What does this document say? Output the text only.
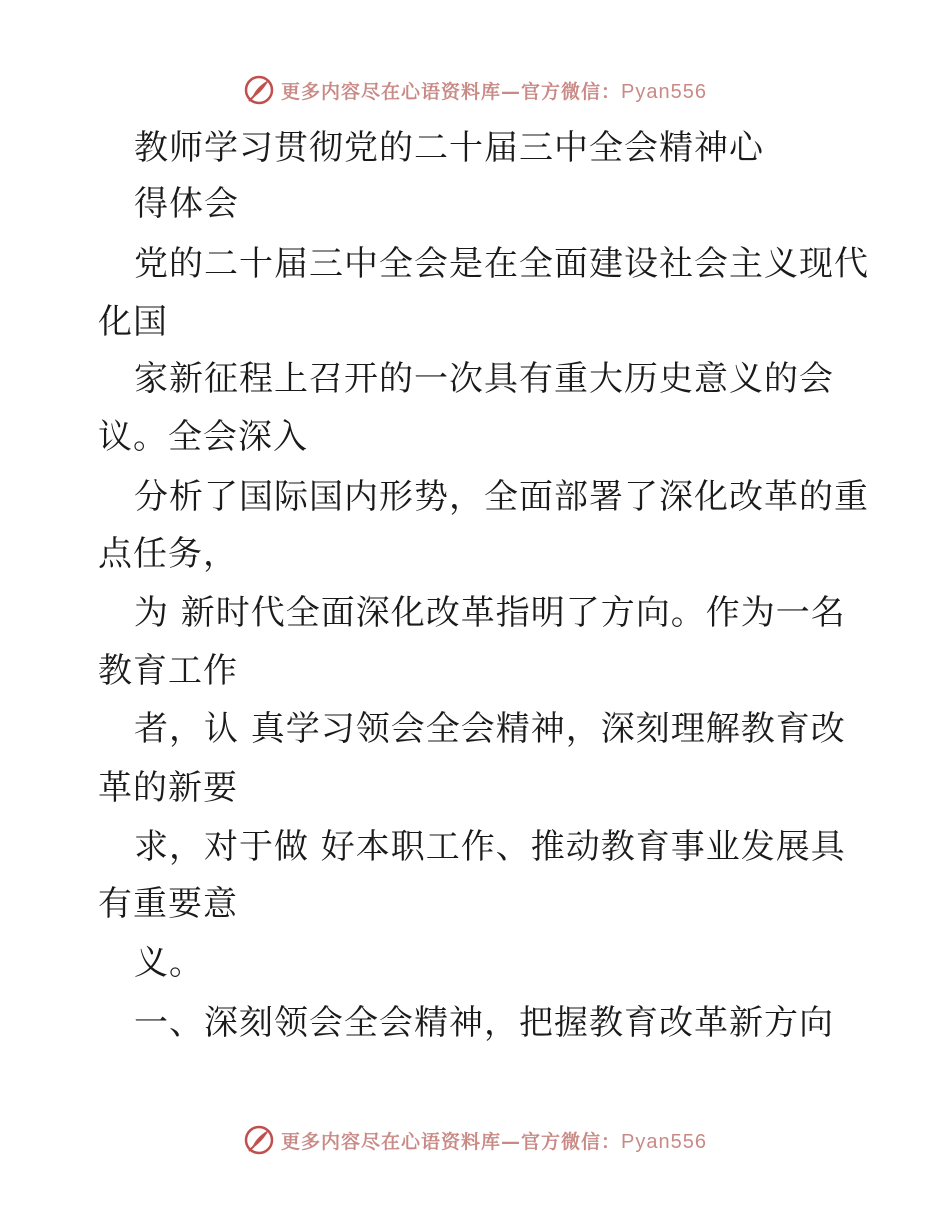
更多内容尽在心语资料库—官方微信：Pyan556
教师学习贯彻党的二十届三中全会精神心
得体会
党的二十届三中全会是在全面建设社会主义现代
化国
家新征程上召开的一次具有重大历史意义的会
议。全会深入
分析了国际国内形势，全面部署了深化改革的重
点任务，
为 新时代全面深化改革指明了方向。作为一名
教育工作
者，认 真学习领会全会精神，深刻理解教育改
革的新要
求，对于做 好本职工作、推动教育事业发展具
有重要意
义。
一、深刻领会全会精神，把握教育改革新方向
更多内容尽在心语资料库—官方微信：Pyan556
